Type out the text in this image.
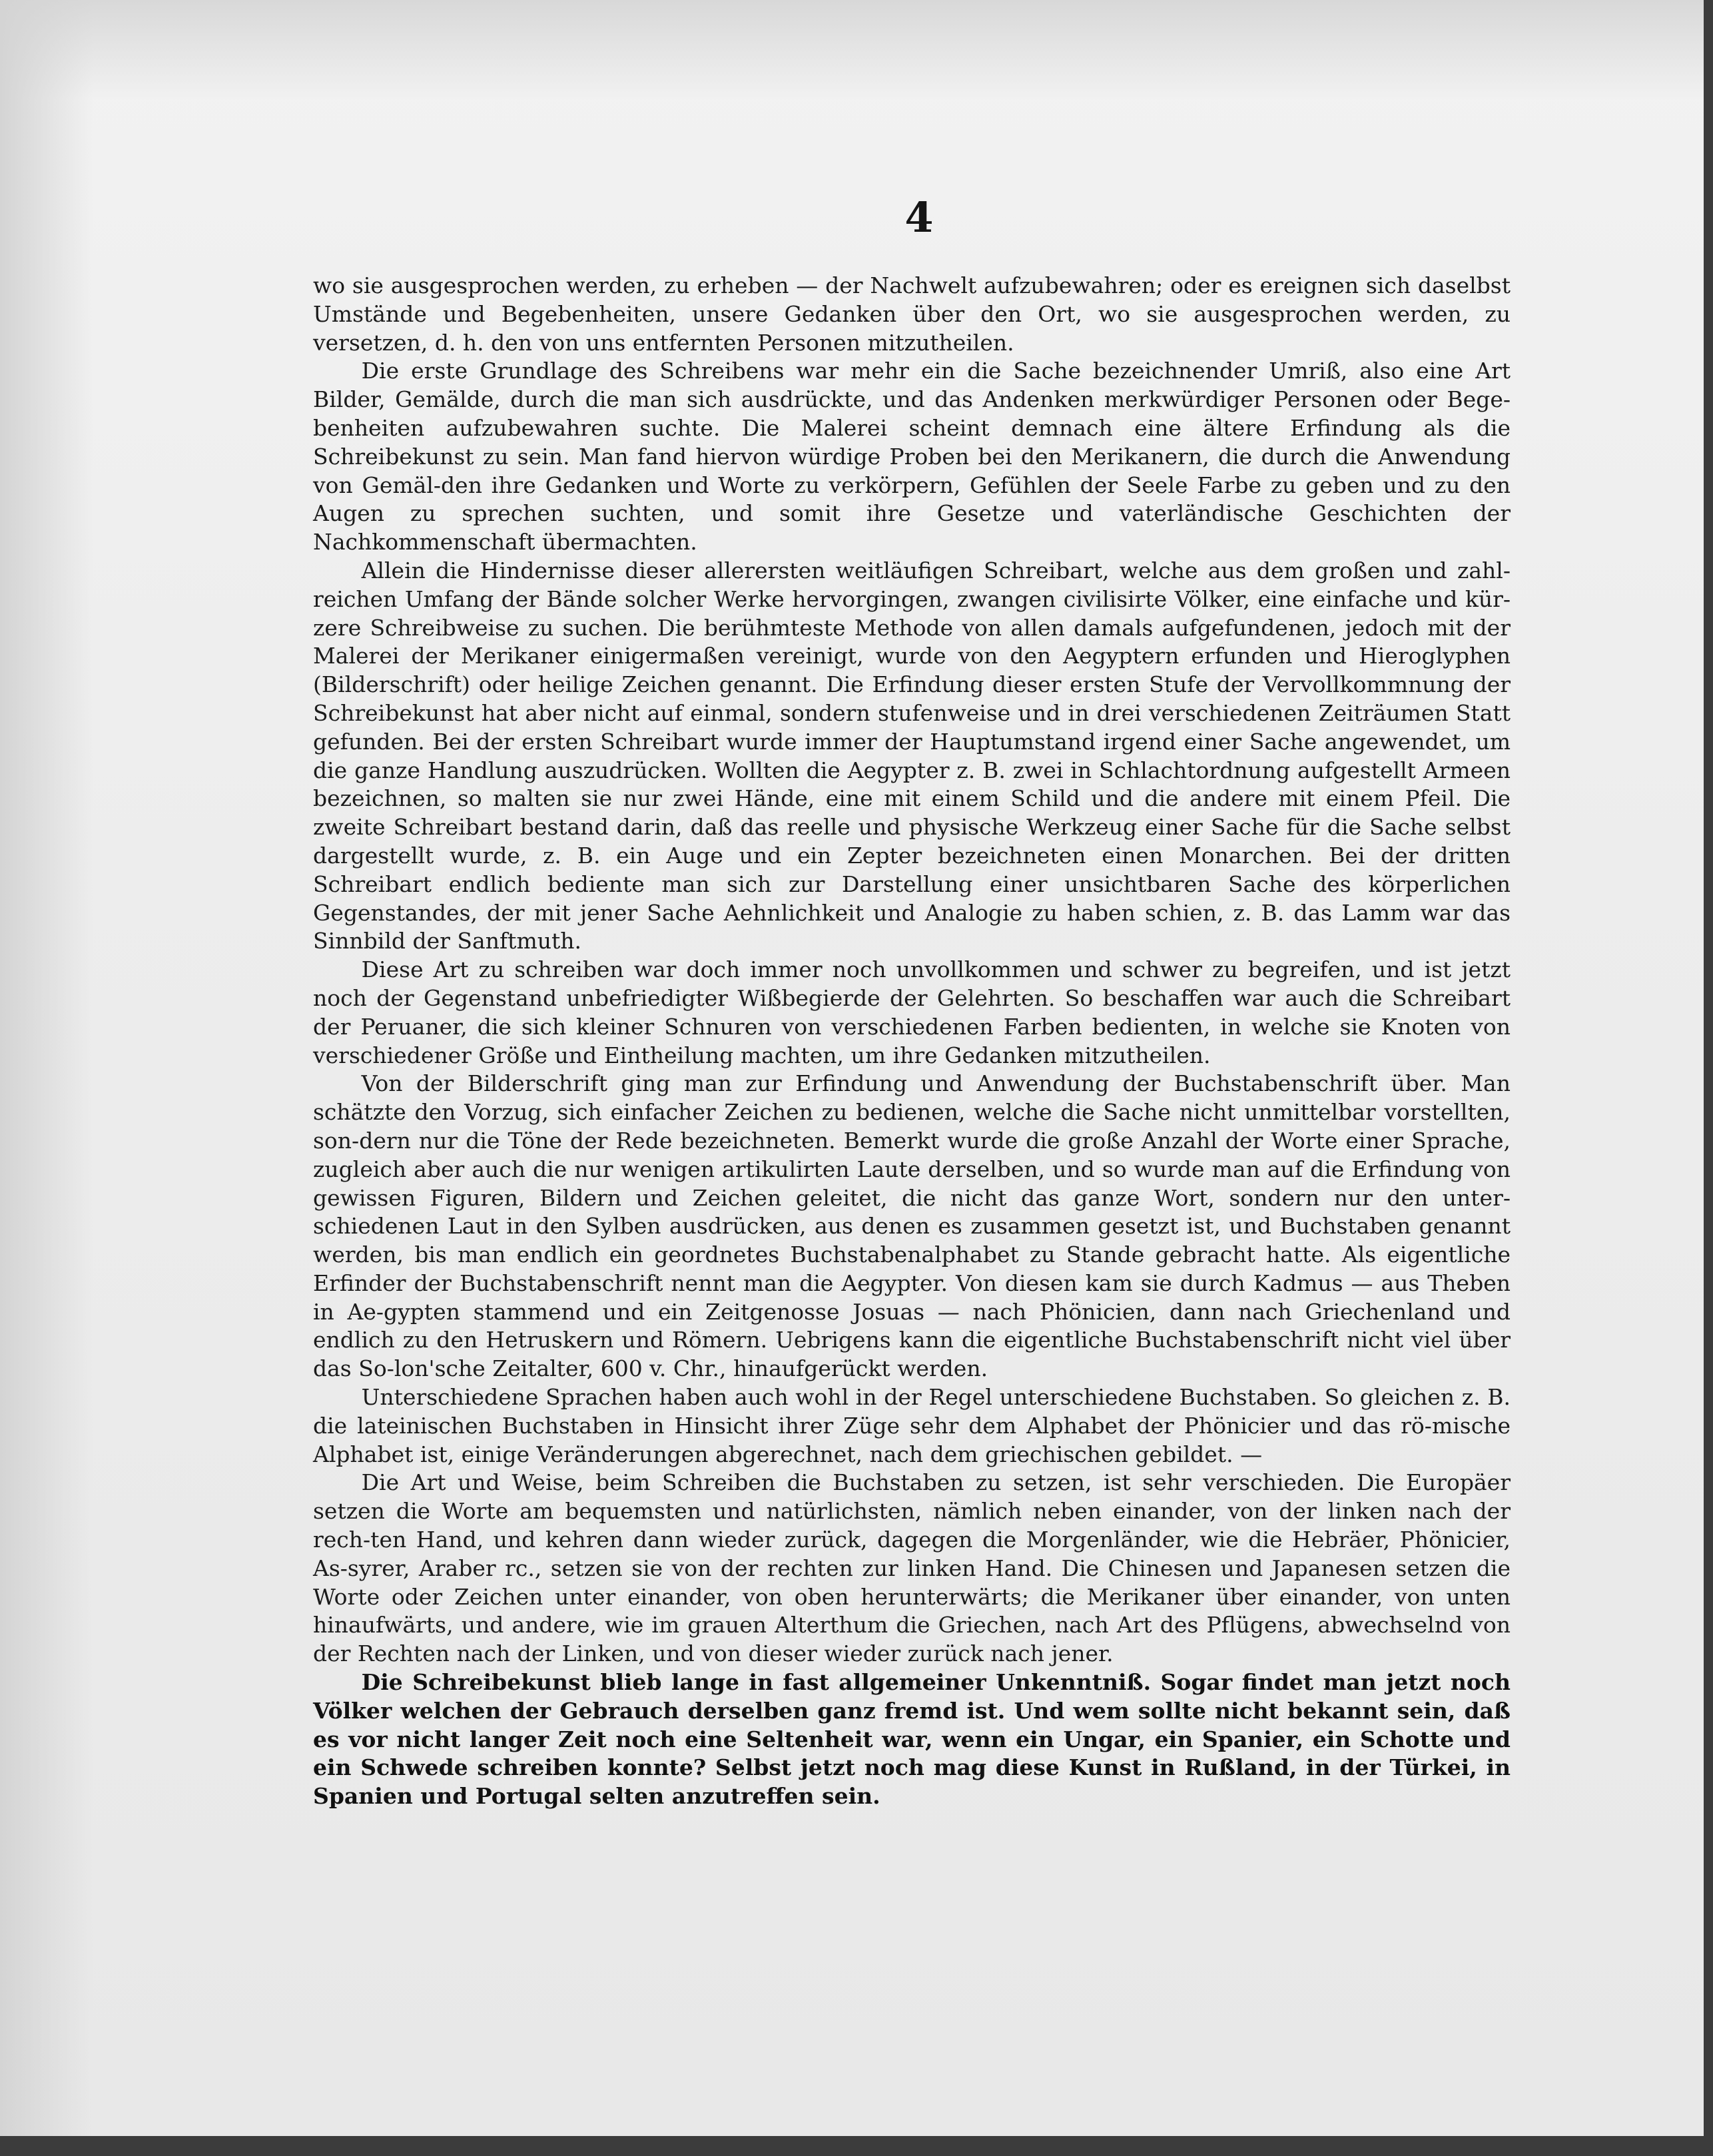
4

wo sie ausgesprochen werden, zu erheben — der Nachwelt aufzubewahren; oder es ereignen sich daselbst Umstände und Begebenheiten, unsere Gedanken über den Ort, wo sie ausgesprochen werden, zu versetzen, d. h. den von uns entfernten Personen mitzutheilen.

Die erste Grundlage des Schreibens war mehr ein die Sache bezeichnender Umriß, also eine Art Bilder, Gemälde, durch die man sich ausdrückte, und das Andenken merkwürdiger Personen oder Bege-benheiten aufzubewahren suchte. Die Malerei scheint demnach eine ältere Erfindung als die Schreibekunst zu sein. Man fand hiervon würdige Proben bei den Merikanern, die durch die Anwendung von Gemäl-den ihre Gedanken und Worte zu verkörpern, Gefühlen der Seele Farbe zu geben und zu den Augen zu sprechen suchten, und somit ihre Gesetze und vaterländische Geschichten der Nachkommenschaft übermachten.

Allein die Hindernisse dieser allerersten weitläufigen Schreibart, welche aus dem großen und zahl-reichen Umfang der Bände solcher Werke hervorgingen, zwangen civilisirte Völker, eine einfache und kür-zere Schreibweise zu suchen. Die berühmteste Methode von allen damals aufgefundenen, jedoch mit der Malerei der Merikaner einigermaßen vereinigt, wurde von den Aegyptern erfunden und Hieroglyphen (Bilderschrift) oder heilige Zeichen genannt. Die Erfindung dieser ersten Stufe der Vervollkommnung der Schreibekunst hat aber nicht auf einmal, sondern stufenweise und in drei verschiedenen Zeiträumen Statt gefunden. Bei der ersten Schreibart wurde immer der Hauptumstand irgend einer Sache angewendet, um die ganze Handlung auszudrücken. Wollten die Aegypter z. B. zwei in Schlachtordnung aufgestellt Armeen bezeichnen, so malten sie nur zwei Hände, eine mit einem Schild und die andere mit einem Pfeil. Die zweite Schreibart bestand darin, daß das reelle und physische Werkzeug einer Sache für die Sache selbst dargestellt wurde, z. B. ein Auge und ein Zepter bezeichneten einen Monarchen. Bei der dritten Schreibart endlich bediente man sich zur Darstellung einer unsichtbaren Sache des körperlichen Gegenstandes, der mit jener Sache Aehnlichkeit und Analogie zu haben schien, z. B. das Lamm war das Sinnbild der Sanftmuth.

Diese Art zu schreiben war doch immer noch unvollkommen und schwer zu begreifen, und ist jetzt noch der Gegenstand unbefriedigter Wißbegierde der Gelehrten. So beschaffen war auch die Schreibart der Peruaner, die sich kleiner Schnuren von verschiedenen Farben bedienten, in welche sie Knoten von verschiedener Größe und Eintheilung machten, um ihre Gedanken mitzutheilen.

Von der Bilderschrift ging man zur Erfindung und Anwendung der Buchstabenschrift über. Man schätzte den Vorzug, sich einfacher Zeichen zu bedienen, welche die Sache nicht unmittelbar vorstellten, son-dern nur die Töne der Rede bezeichneten. Bemerkt wurde die große Anzahl der Worte einer Sprache, zugleich aber auch die nur wenigen artikulirten Laute derselben, und so wurde man auf die Erfindung von gewissen Figuren, Bildern und Zeichen geleitet, die nicht das ganze Wort, sondern nur den unter-schiedenen Laut in den Sylben ausdrücken, aus denen es zusammen gesetzt ist, und Buchstaben genannt werden, bis man endlich ein geordnetes Buchstabenalphabet zu Stande gebracht hatte. Als eigentliche Erfinder der Buchstabenschrift nennt man die Aegypter. Von diesen kam sie durch Kadmus — aus Theben in Ae-gypten stammend und ein Zeitgenosse Josuas — nach Phönicien, dann nach Griechenland und endlich zu den Hetruskern und Römern. Uebrigens kann die eigentliche Buchstabenschrift nicht viel über das So-lon'sche Zeitalter, 600 v. Chr., hinaufgerückt werden.

Unterschiedene Sprachen haben auch wohl in der Regel unterschiedene Buchstaben. So gleichen z. B. die lateinischen Buchstaben in Hinsicht ihrer Züge sehr dem Alphabet der Phönicier und das rö-mische Alphabet ist, einige Veränderungen abgerechnet, nach dem griechischen gebildet. —

Die Art und Weise, beim Schreiben die Buchstaben zu setzen, ist sehr verschieden. Die Europäer setzen die Worte am bequemsten und natürlichsten, nämlich neben einander, von der linken nach der rech-ten Hand, und kehren dann wieder zurück, dagegen die Morgenländer, wie die Hebräer, Phönicier, As-syrer, Araber rc., setzen sie von der rechten zur linken Hand. Die Chinesen und Japanesen setzen die Worte oder Zeichen unter einander, von oben herunterwärts; die Merikaner über einander, von unten hinaufwärts, und andere, wie im grauen Alterthum die Griechen, nach Art des Pflügens, abwechselnd von der Rechten nach der Linken, und von dieser wieder zurück nach jener.

Die Schreibekunst blieb lange in fast allgemeiner Unkenntniß. Sogar findet man jetzt noch Völker welchen der Gebrauch derselben ganz fremd ist. Und wem sollte nicht bekannt sein, daß es vor nicht langer Zeit noch eine Seltenheit war, wenn ein Ungar, ein Spanier, ein Schotte und ein Schwede schreiben konnte? Selbst jetzt noch mag diese Kunst in Rußland, in der Türkei, in Spanien und Portugal selten anzutreffen sein.
